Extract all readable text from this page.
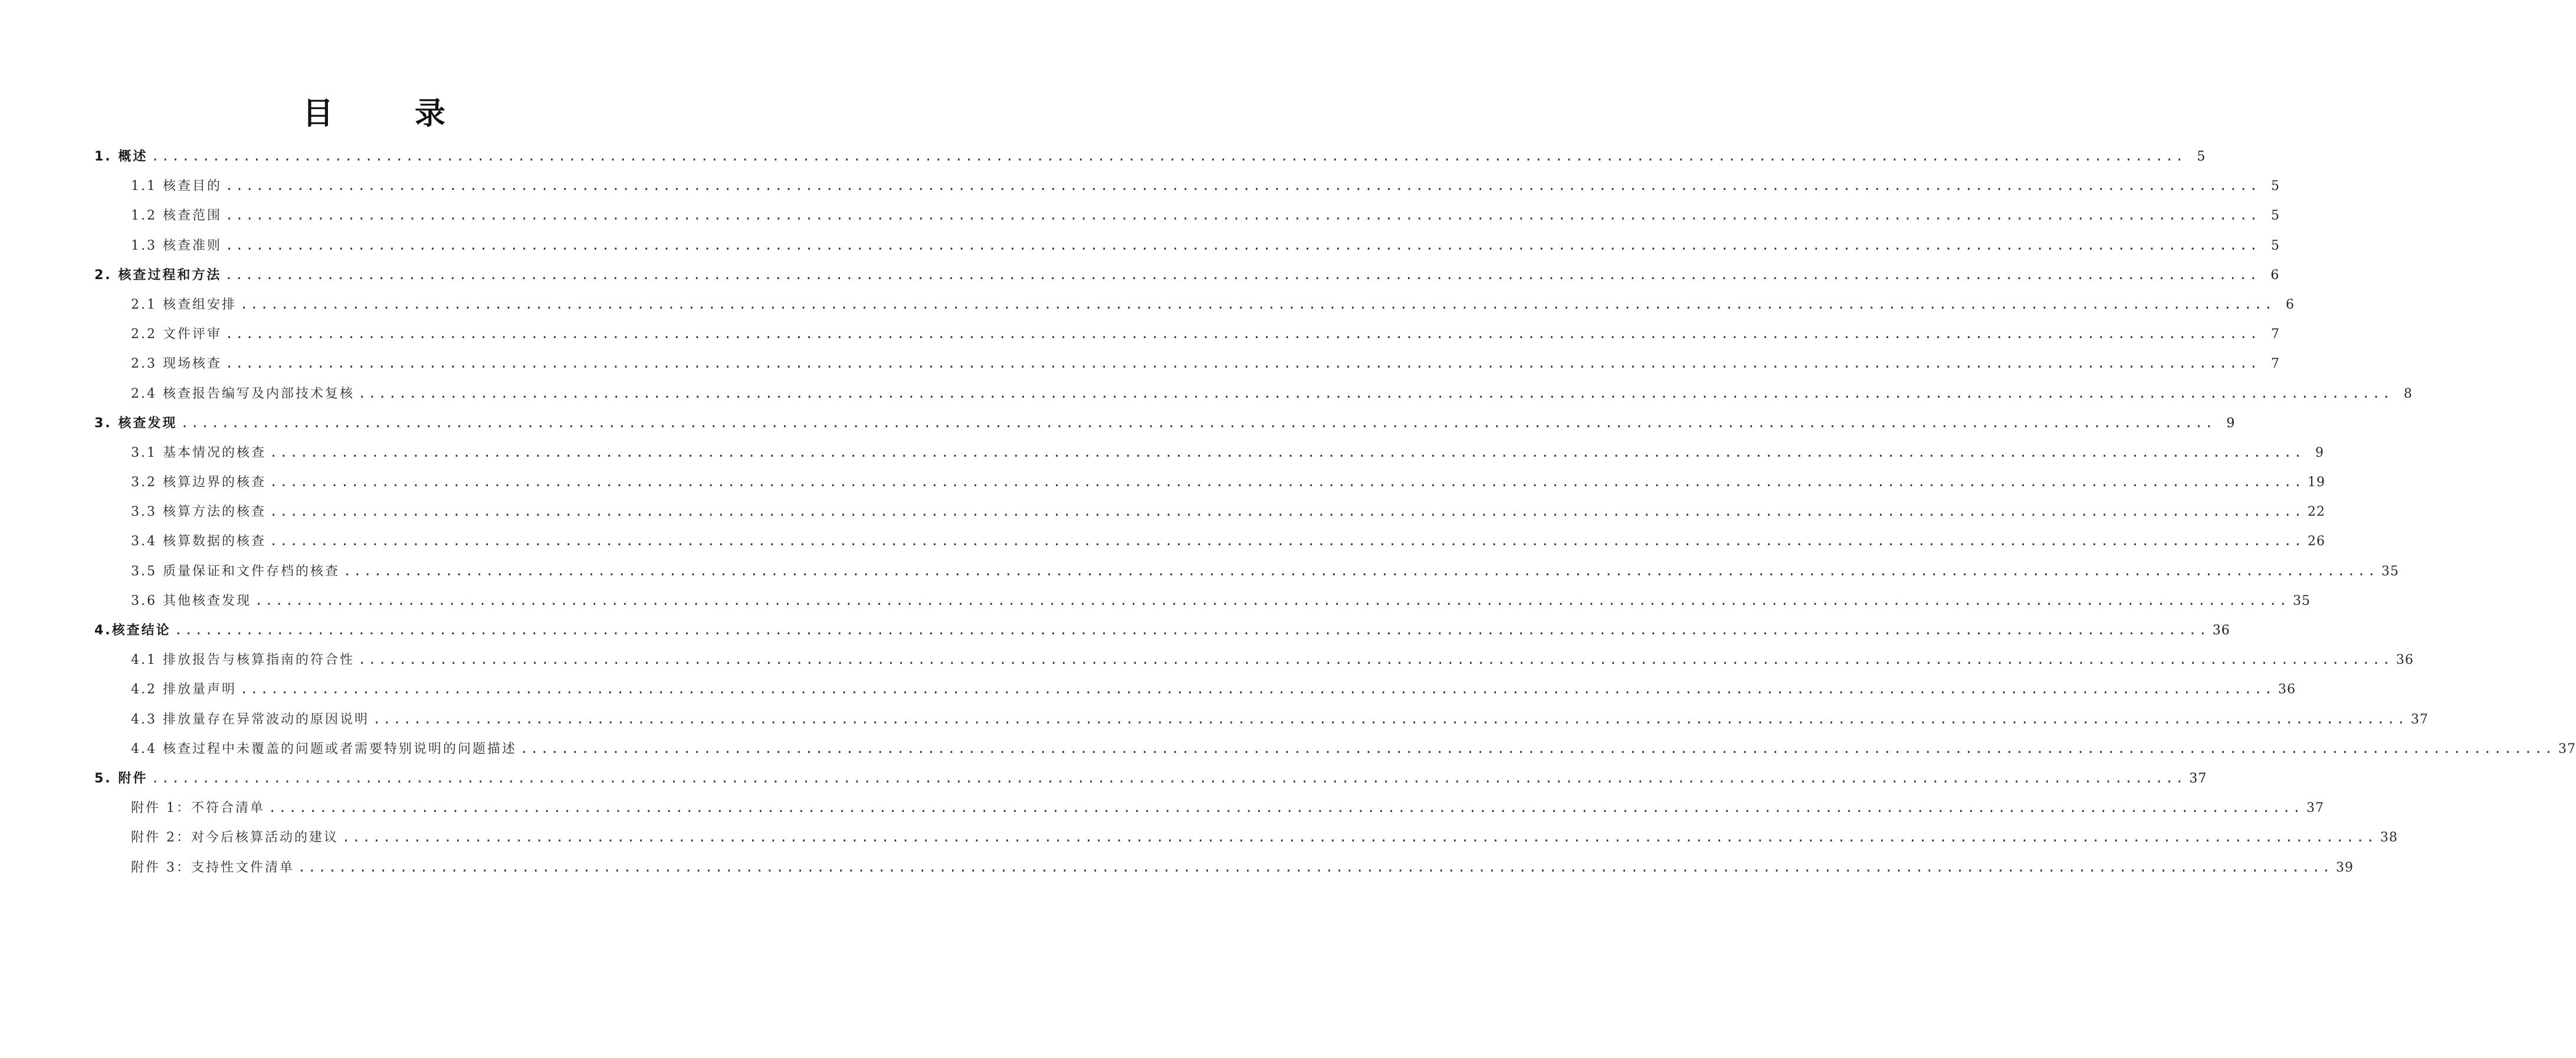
目 录
1. 概述 ........................................................................................................................................................................................................ 5
1.1 核查目的 ........................................................................................................................................................................................................ 5
1.2 核查范围 ........................................................................................................................................................................................................ 5
1.3 核查准则 ........................................................................................................................................................................................................ 5
2. 核查过程和方法 ........................................................................................................................................................................................................ 6
2.1 核查组安排 ........................................................................................................................................................................................................ 6
2.2 文件评审 ........................................................................................................................................................................................................ 7
2.3 现场核查 ........................................................................................................................................................................................................ 7
2.4 核查报告编写及内部技术复核 ........................................................................................................................................................................................................ 8
3. 核查发现 ........................................................................................................................................................................................................ 9
3.1 基本情况的核查 ........................................................................................................................................................................................................ 9
3.2 核算边界的核查 ........................................................................................................................................................................................................ 19
3.3 核算方法的核查 ........................................................................................................................................................................................................ 22
3.4 核算数据的核查 ........................................................................................................................................................................................................ 26
3.5 质量保证和文件存档的核查 ........................................................................................................................................................................................................ 35
3.6 其他核查发现 ........................................................................................................................................................................................................ 35
4.核查结论 ........................................................................................................................................................................................................ 36
4.1 排放报告与核算指南的符合性 ........................................................................................................................................................................................................ 36
4.2 排放量声明 ........................................................................................................................................................................................................ 36
4.3 排放量存在异常波动的原因说明 ........................................................................................................................................................................................................ 37
4.4 核查过程中未覆盖的问题或者需要特别说明的问题描述 ........................................................................................................................................................................................................ 37
5. 附件 ........................................................................................................................................................................................................ 37
附件 1：不符合清单 ........................................................................................................................................................................................................ 37
附件 2：对今后核算活动的建议 ........................................................................................................................................................................................................ 38
附件 3：支持性文件清单 ........................................................................................................................................................................................................ 39
